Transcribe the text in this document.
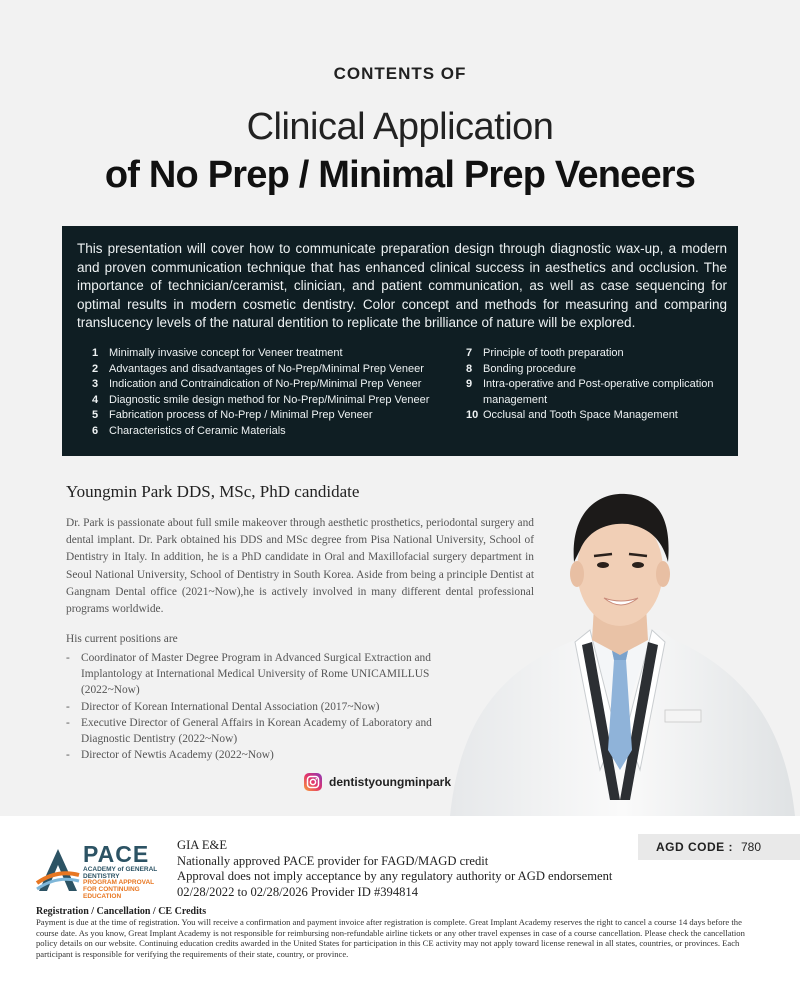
CONTENTS OF
Clinical Application
of No Prep / Minimal Prep Veneers
This presentation will cover how to communicate preparation design through diagnostic wax-up, a modern and proven communication technique that has enhanced clinical success in aesthetics and occlusion. The importance of technician/ceramist, clinician, and patient communication, as well as case sequencing for optimal results in modern cosmetic dentistry. Color concept and methods for measuring and comparing translucency levels of the natural dentition to replicate the brilliance of nature will be explored.
1 Minimally invasive concept for Veneer treatment
2 Advantages and disadvantages of No-Prep/Minimal Prep Veneer
3 Indication and Contraindication of No-Prep/Minimal Prep Veneer
4 Diagnostic smile design method for No-Prep/Minimal Prep Veneer
5 Fabrication process of No-Prep / Minimal Prep Veneer
6 Characteristics of Ceramic Materials
7 Principle of tooth preparation
8 Bonding procedure
9 Intra-operative and Post-operative complication management
10 Occlusal and Tooth Space Management
Youngmin Park DDS, MSc, PhD candidate
Dr. Park is passionate about full smile makeover through aesthetic prosthetics, periodontal surgery and dental implant. Dr. Park obtained his DDS and MSc degree from Pisa National University, School of Dentistry in Italy. In addition, he is a PhD candidate in Oral and Maxillofacial surgery department in Seoul National University, School of Dentistry in South Korea. Aside from being a principle Dentist at Gangnam Dental office (2021~Now),he is actively involved in many different dental professional programs worldwide.
His current positions are
- Coordinator of Master Degree Program in Advanced Surgical Extraction and Implantology at International Medical University of Rome UNICAMILLUS (2022~Now)
- Director of Korean International Dental Association (2017~Now)
- Executive Director of General Affairs in Korean Academy of Laboratory and Diagnostic Dentistry (2022~Now)
- Director of Newtis Academy (2022~Now)
dentistyoungminpark
PACE
ACADEMY of GENERAL DENTISTRY
PROGRAM APPROVAL FOR CONTINUING EDUCATION
GIA E&E
Nationally approved PACE provider for FAGD/MAGD credit
Approval does not imply acceptance by any regulatory authority or AGD endorsement
02/28/2022 to 02/28/2026 Provider ID #394814
AGD CODE : 780
Registration / Cancellation / CE Credits
Payment is due at the time of registration. You will receive a confirmation and payment invoice after registration is complete. Great Implant Academy reserves the right to cancel a course 14 days before the course date. As you know, Great Implant Academy is not responsible for reimbursing non-refundable airline tickets or any other travel expenses in case of a course cancellation. Please check the cancellation policy details on our website. Continuing education credits awarded in the United States for participation in this CE activity may not apply toward license renewal in all states, countries, or provinces. Each participant is responsible for verifying the requirements of their state, country, or province.
